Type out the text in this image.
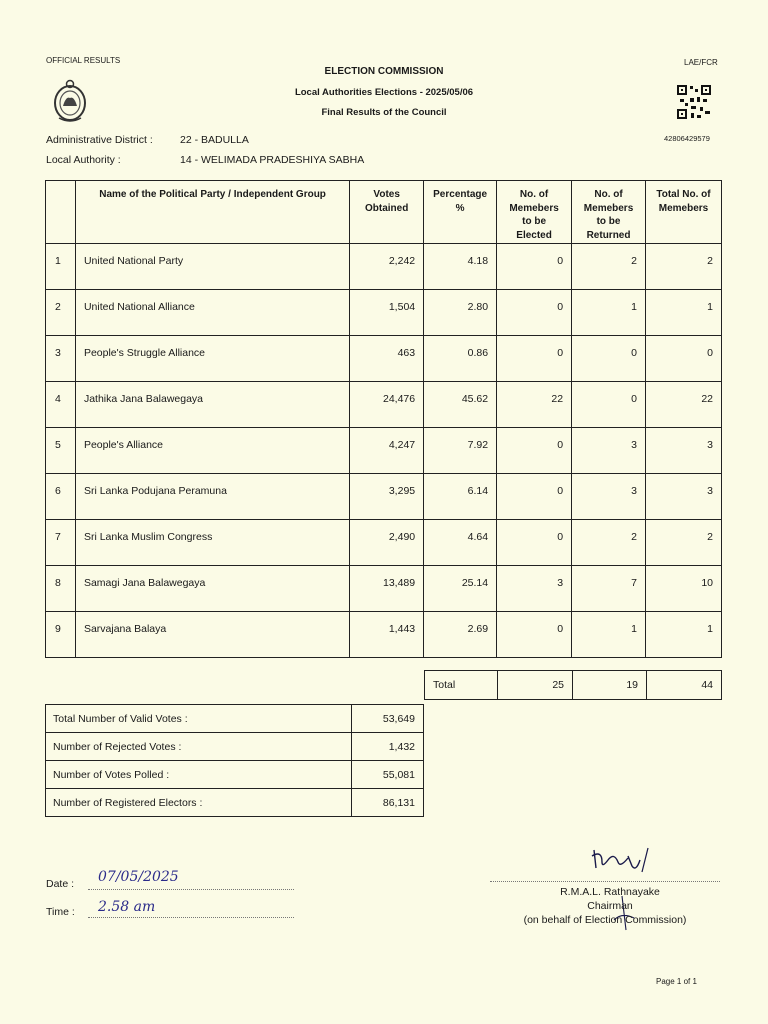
OFFICIAL RESULTS	LAE/FCR
ELECTION COMMISSION
Local Authorities Elections - 2025/05/06
Final Results of the Council
42806429579
Administrative District :	22 - BADULLA
Local Authority :	14 - WELIMADA PRADESHIYA SABHA
	Name of the Political Party / Independent Group	Votes Obtained	Percentage %	No. of Memebers to be Elected	No. of Memebers to be Returned	Total No. of Memebers
1	United National Party	2,242	4.18	0	2	2
2	United National Alliance	1,504	2.80	0	1	1
3	People's Struggle Alliance	463	0.86	0	0	0
4	Jathika Jana Balawegaya	24,476	45.62	22	0	22
5	People's Alliance	4,247	7.92	0	3	3
6	Sri Lanka Podujana Peramuna	3,295	6.14	0	3	3
7	Sri Lanka Muslim Congress	2,490	4.64	0	2	2
8	Samagi Jana Balawegaya	13,489	25.14	3	7	10
9	Sarvajana Balaya	1,443	2.69	0	1	1
Total	25	19	44
Total Number of Valid Votes :	53,649
Number of Rejected Votes :	1,432
Number of Votes Polled :	55,081
Number of Registered Electors :	86,131
Date : 07/05/2025
Time : 2.58 am
R.M.A.L. Rathnayake
Chairman
(on behalf of Election Commission)
Page 1 of 1
